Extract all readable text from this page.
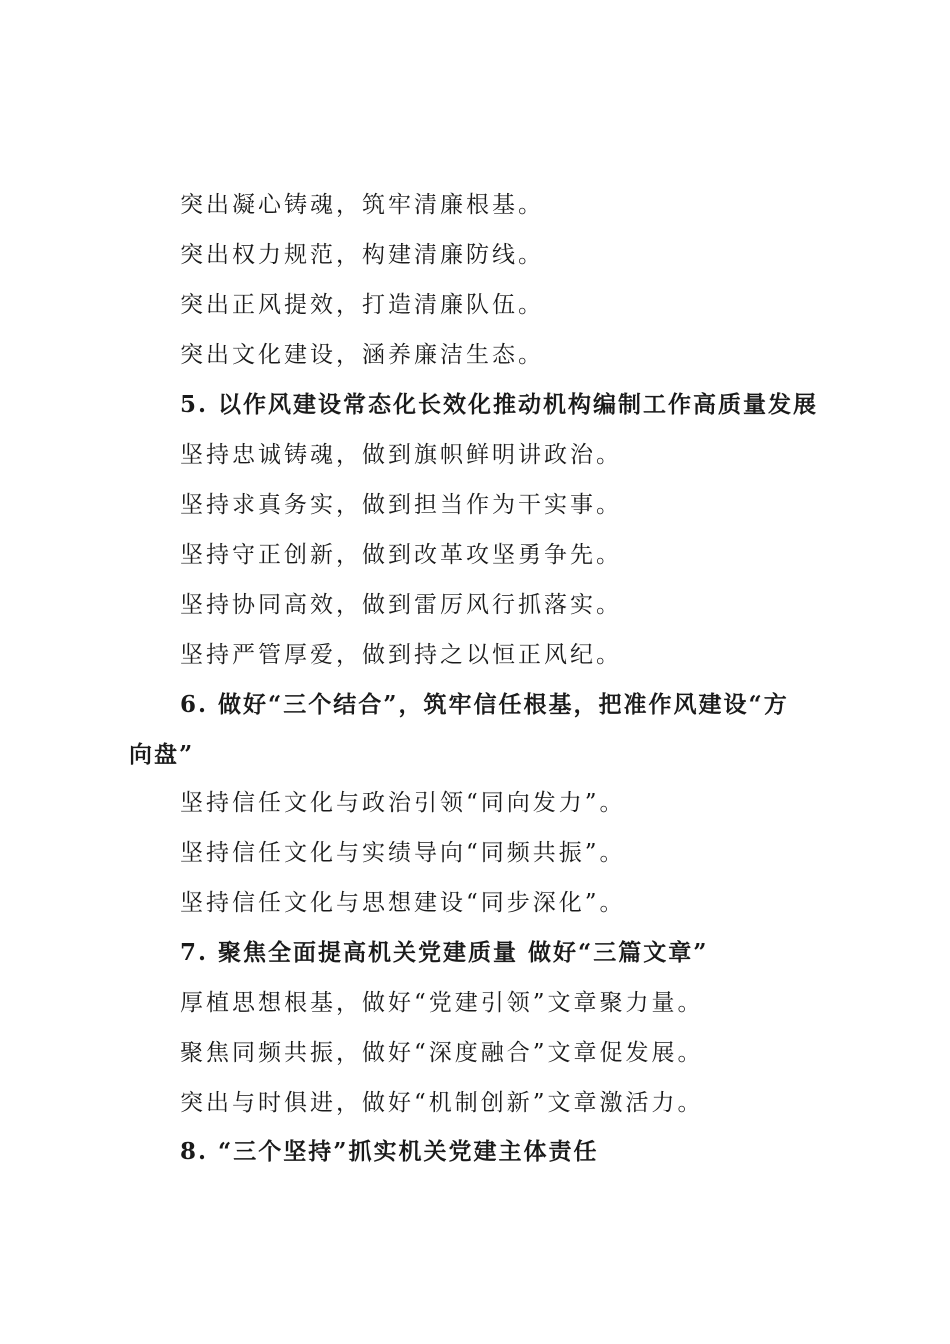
突出凝心铸魂，筑牢清廉根基。
突出权力规范，构建清廉防线。
突出正风提效，打造清廉队伍。
突出文化建设，涵养廉洁生态。
5. 以作风建设常态化长效化推动机构编制工作高质量发展
坚持忠诚铸魂，做到旗帜鲜明讲政治。
坚持求真务实，做到担当作为干实事。
坚持守正创新，做到改革攻坚勇争先。
坚持协同高效，做到雷厉风行抓落实。
坚持严管厚爱，做到持之以恒正风纪。
6. 做好“三个结合”，筑牢信任根基，把准作风建设“方
向盘”
坚持信任文化与政治引领“同向发力”。
坚持信任文化与实绩导向“同频共振”。
坚持信任文化与思想建设“同步深化”。
7. 聚焦全面提高机关党建质量 做好“三篇文章”
厚植思想根基，做好“党建引领”文章聚力量。
聚焦同频共振，做好“深度融合”文章促发展。
突出与时俱进，做好“机制创新”文章激活力。
8. “三个坚持”抓实机关党建主体责任
